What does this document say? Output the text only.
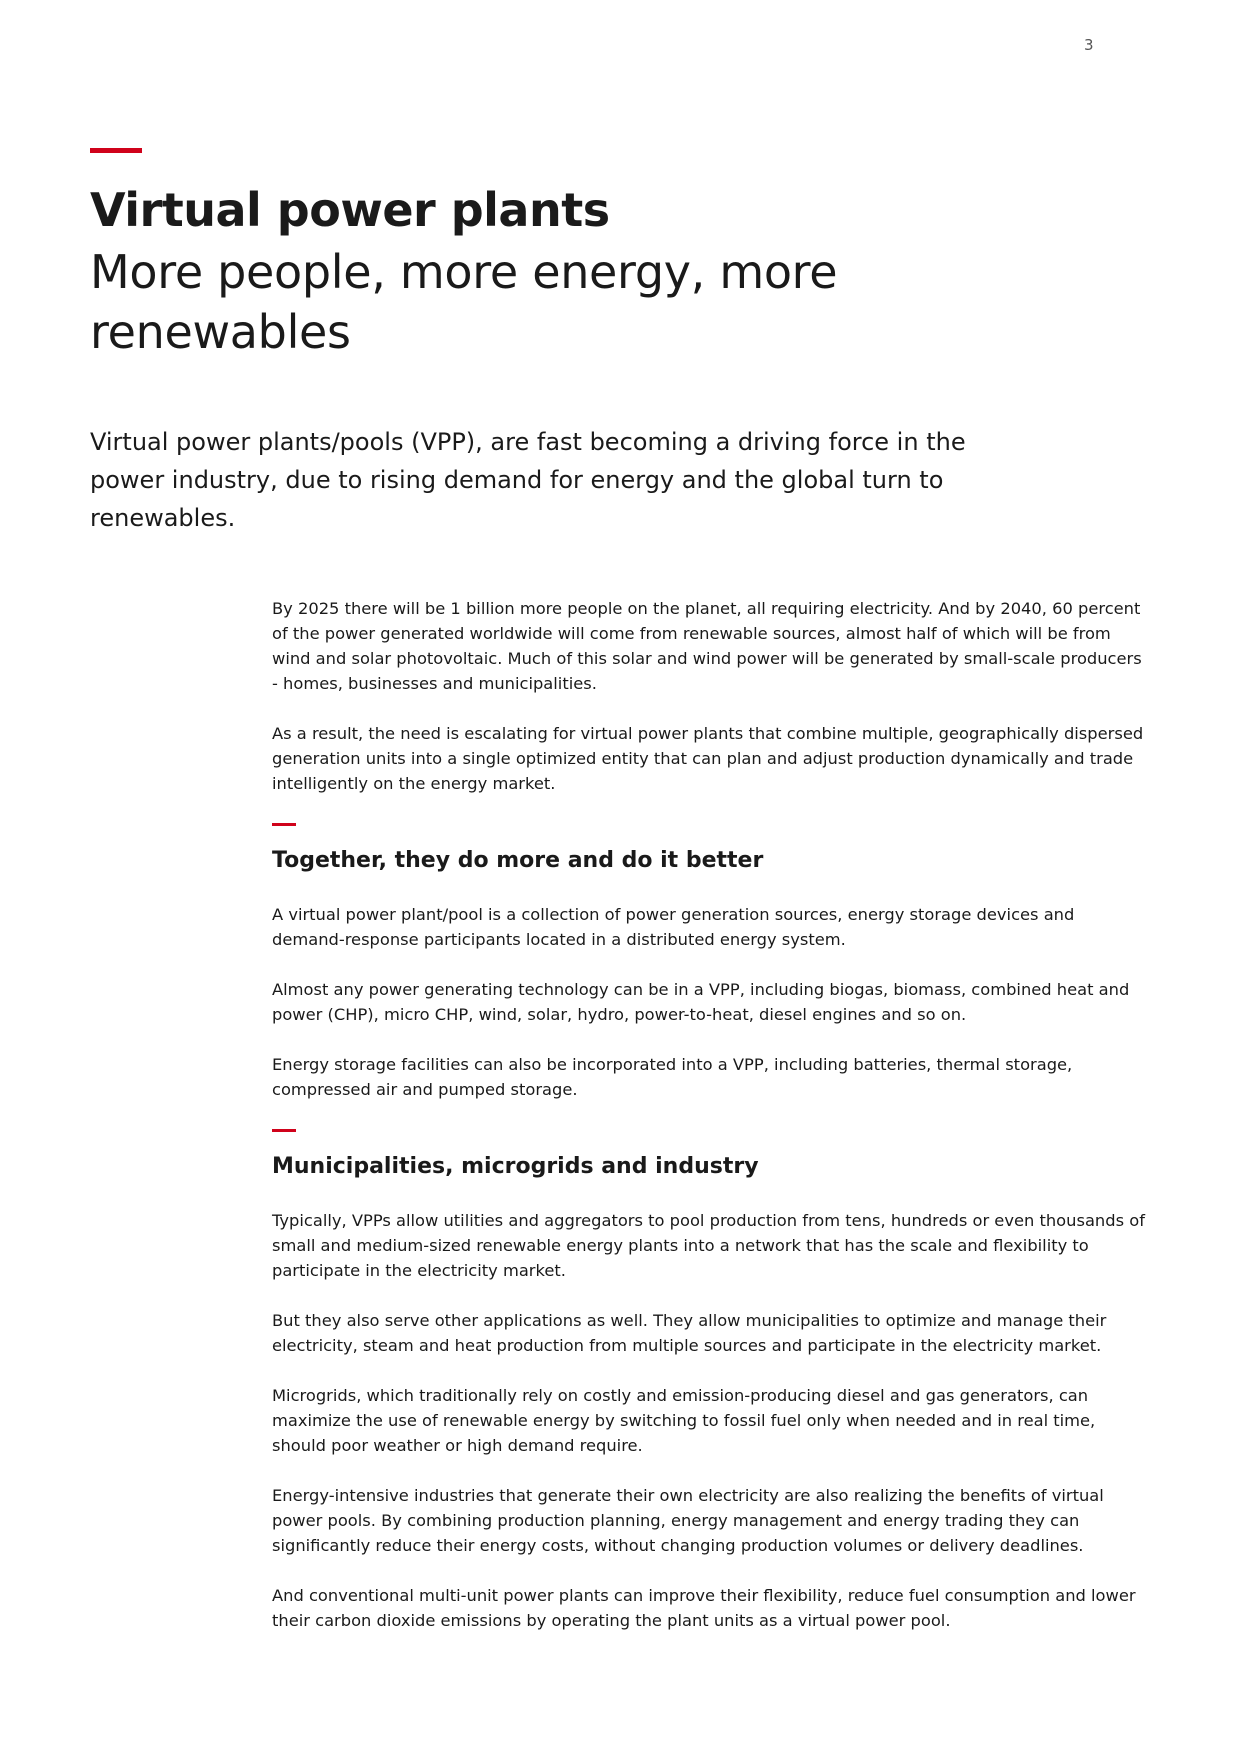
3
Virtual power plants
More people, more energy, more renewables

Virtual power plants/pools (VPP), are fast becoming a driving force in the power industry, due to rising demand for energy and the global turn to renewables.

By 2025 there will be 1 billion more people on the planet, all requiring electricity. And by 2040, 60 percent of the power generated worldwide will come from renewable sources, almost half of which will be from wind and solar photovoltaic. Much of this solar and wind power will be generated by small-scale producers - homes, businesses and municipalities.

As a result, the need is escalating for virtual power plants that combine multiple, geographically dispersed generation units into a single optimized entity that can plan and adjust production dynamically and trade intelligently on the energy market.

Together, they do more and do it better

A virtual power plant/pool is a collection of power generation sources, energy storage devices and demand-response participants located in a distributed energy system.

Almost any power generating technology can be in a VPP, including biogas, biomass, combined heat and power (CHP), micro CHP, wind, solar, hydro, power-to-heat, diesel engines and so on.

Energy storage facilities can also be incorporated into a VPP, including batteries, thermal storage, compressed air and pumped storage.

Municipalities, microgrids and industry

Typically, VPPs allow utilities and aggregators to pool production from tens, hundreds or even thousands of small and medium-sized renewable energy plants into a network that has the scale and flexibility to participate in the electricity market.

But they also serve other applications as well. They allow municipalities to optimize and manage their electricity, steam and heat production from multiple sources and participate in the electricity market.

Microgrids, which traditionally rely on costly and emission-producing diesel and gas generators, can maximize the use of renewable energy by switching to fossil fuel only when needed and in real time, should poor weather or high demand require.

Energy-intensive industries that generate their own electricity are also realizing the benefits of virtual power pools. By combining production planning, energy management and energy trading they can significantly reduce their energy costs, without changing production volumes or delivery deadlines.

And conventional multi-unit power plants can improve their flexibility, reduce fuel consumption and lower their carbon dioxide emissions by operating the plant units as a virtual power pool.
